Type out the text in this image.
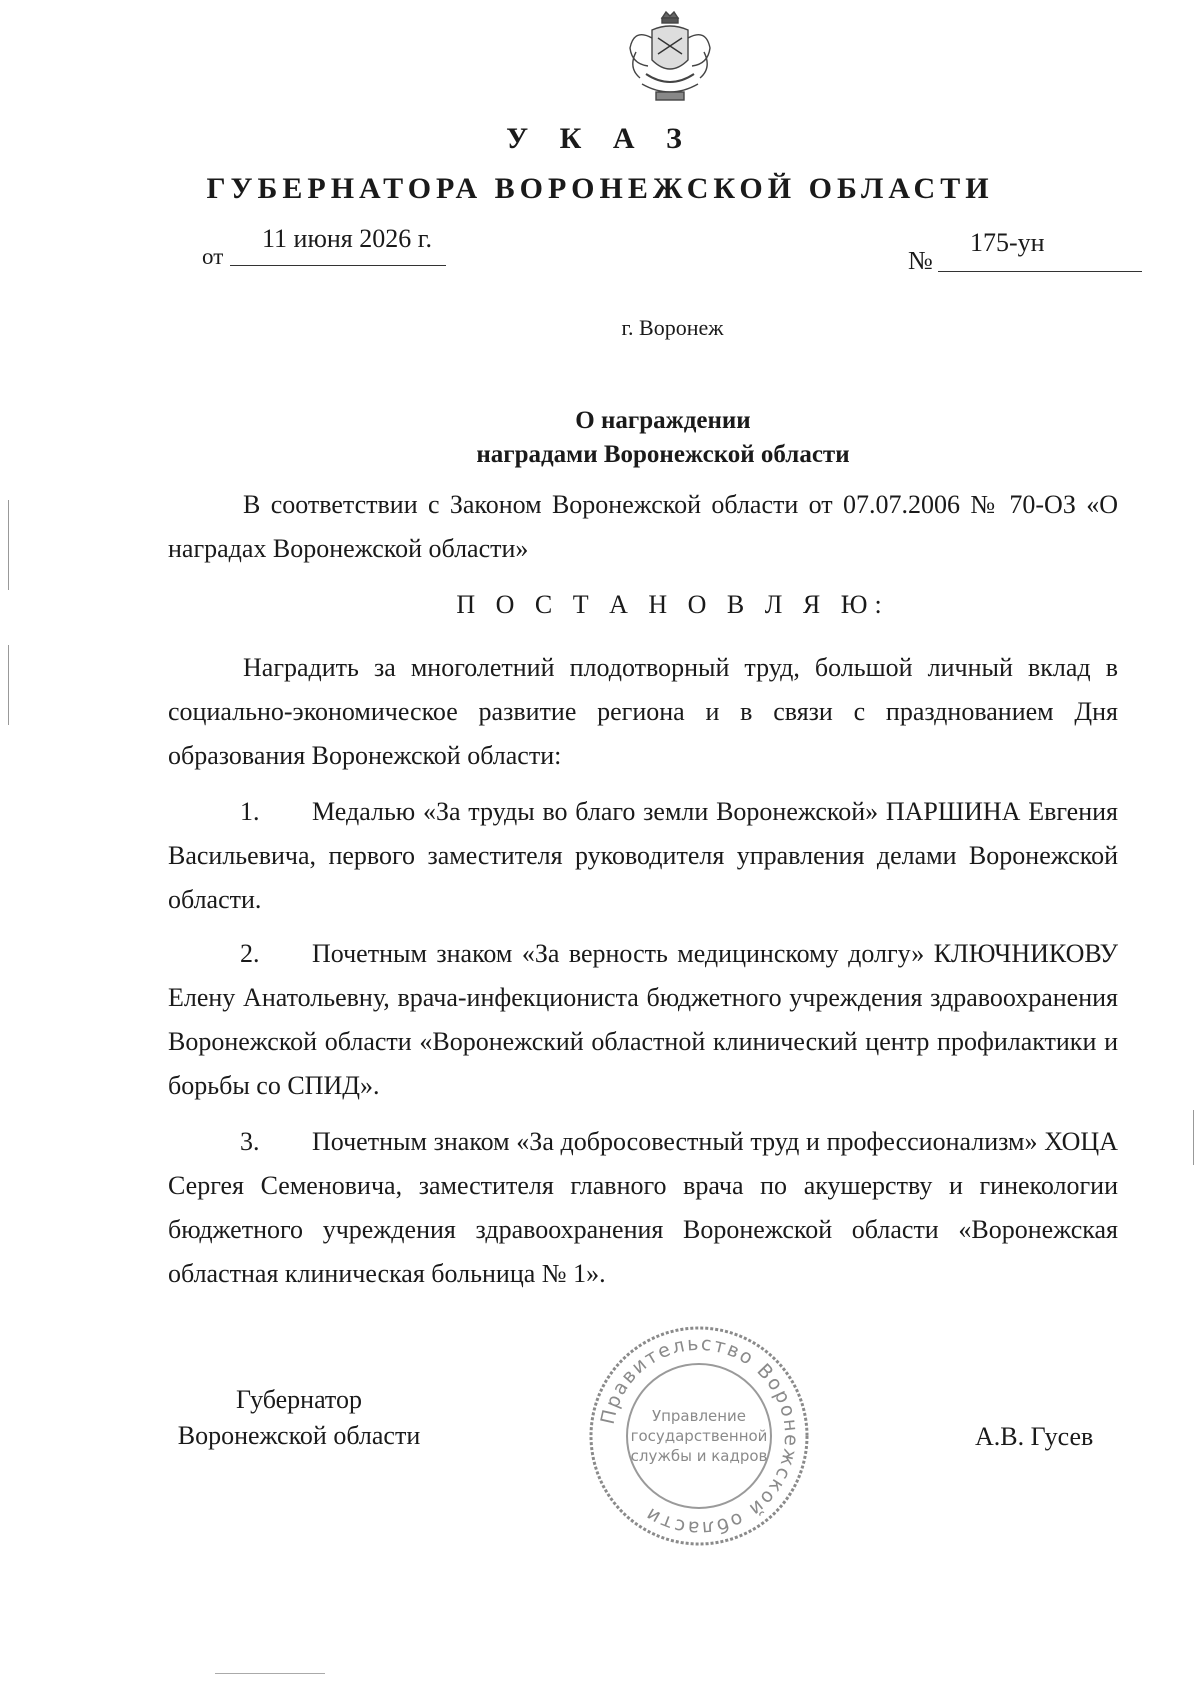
У К А З
ГУБЕРНАТОРА ВОРОНЕЖСКОЙ ОБЛАСТИ
от
11 июня 2026 г.
№
175-ун
г. Воронеж
О награждении
наградами Воронежской области
В соответствии с Законом Воронежской области от 07.07.2006 № 70-ОЗ «О наградах Воронежской области»
П О С Т А Н О В Л Я Ю:
Наградить за многолетний плодотворный труд, большой личный вклад в социально-экономическое развитие региона и в связи с празднованием Дня образования Воронежской области:
1. Медалью «За труды во благо земли Воронежской» ПАРШИНА Евгения Васильевича, первого заместителя руководителя управления делами Воронежской области.
2. Почетным знаком «За верность медицинскому долгу» КЛЮЧНИКОВУ Елену Анатольевну, врача-инфекциониста бюджетного учреждения здравоохранения Воронежской области «Воронежский областной клинический центр профилактики и борьбы со СПИД».
3. Почетным знаком «За добросовестный труд и профессионализм» ХОЦА Сергея Семеновича, заместителя главного врача по акушерству и гинекологии бюджетного учреждения здравоохранения Воронежской области «Воронежская областная клиническая больница № 1».
Губернатор
Воронежской области	А.В. Гусев
Правительство Воронежской области
Управление
государственной
службы и кадров
